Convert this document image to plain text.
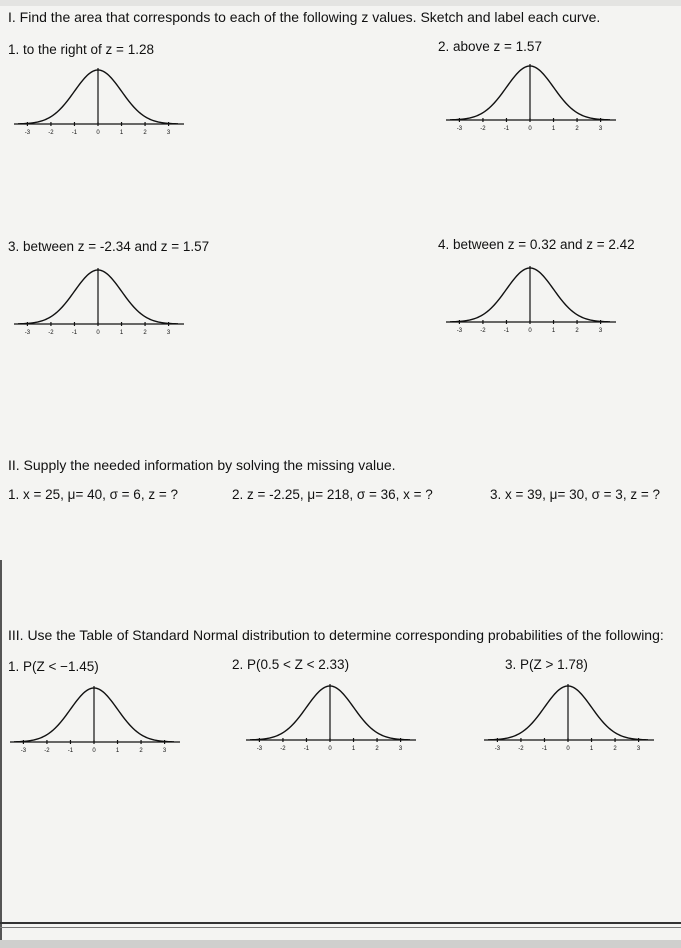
I. Find the area that corresponds to each of the following z values. Sketch and label each curve.
1. to the right of z = 1.28	2. above z = 1.57
3. between z = -2.34 and z = 1.57	4. between z = 0.32 and z = 2.42
-3	-2	-1	0	1	2	3
-3	-2	-1	0	1	2	3
-3	-2	-1	0	1	2	3	-3	-2	-1	0	1	2	3
II. Supply the needed information by solving the missing value.
1. x = 25, μ= 40, σ = 6, z = ?	2. z = -2.25, μ= 218, σ = 36, x = ?	3. x = 39, μ= 30, σ = 3, z = ?
III. Use the Table of Standard Normal distribution to determine corresponding probabilities of the following:
1. P(Z < −1.45)	2. P(0.5 < Z < 2.33)	3. P(Z > 1.78)
-3	-2	-1	0	1	2	3	-3	-2	-1	0	1	2	3	-3	-2	-1	0	1	2	3
